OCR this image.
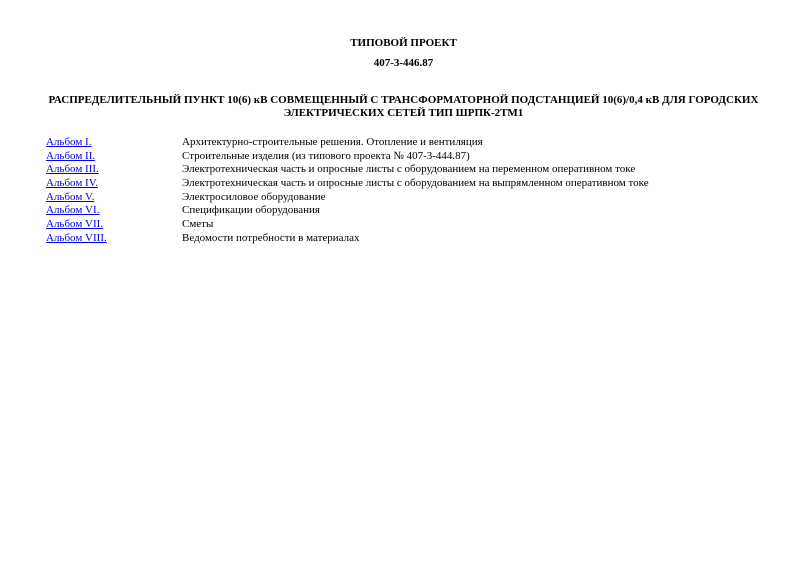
ТИПОВОЙ ПРОЕКТ
407-3-446.87
РАСПРЕДЕЛИТЕЛЬНЫЙ ПУНКТ 10(6) кВ СОВМЕЩЕННЫЙ С ТРАНСФОРМАТОРНОЙ ПОДСТАНЦИЕЙ 10(6)/0,4 кВ ДЛЯ ГОРОДСКИХ ЭЛЕКТРИЧЕСКИХ СЕТЕЙ ТИП ШРПК-2ТМ1
Альбом I.	Архитектурно-строительные решения. Отопление и вентиляция
Альбом II.	Строительные изделия (из типового проекта № 407-3-444.87)
Альбом III.	Электротехническая часть и опросные листы с оборудованием на переменном оперативном токе
Альбом IV.	Электротехническая часть и опросные листы с оборудованием на выпрямленном оперативном токе
Альбом V.	Электросиловое оборудование
Альбом VI.	Спецификации оборудования
Альбом VII.	Сметы
Альбом VIII.	Ведомости потребности в материалах
